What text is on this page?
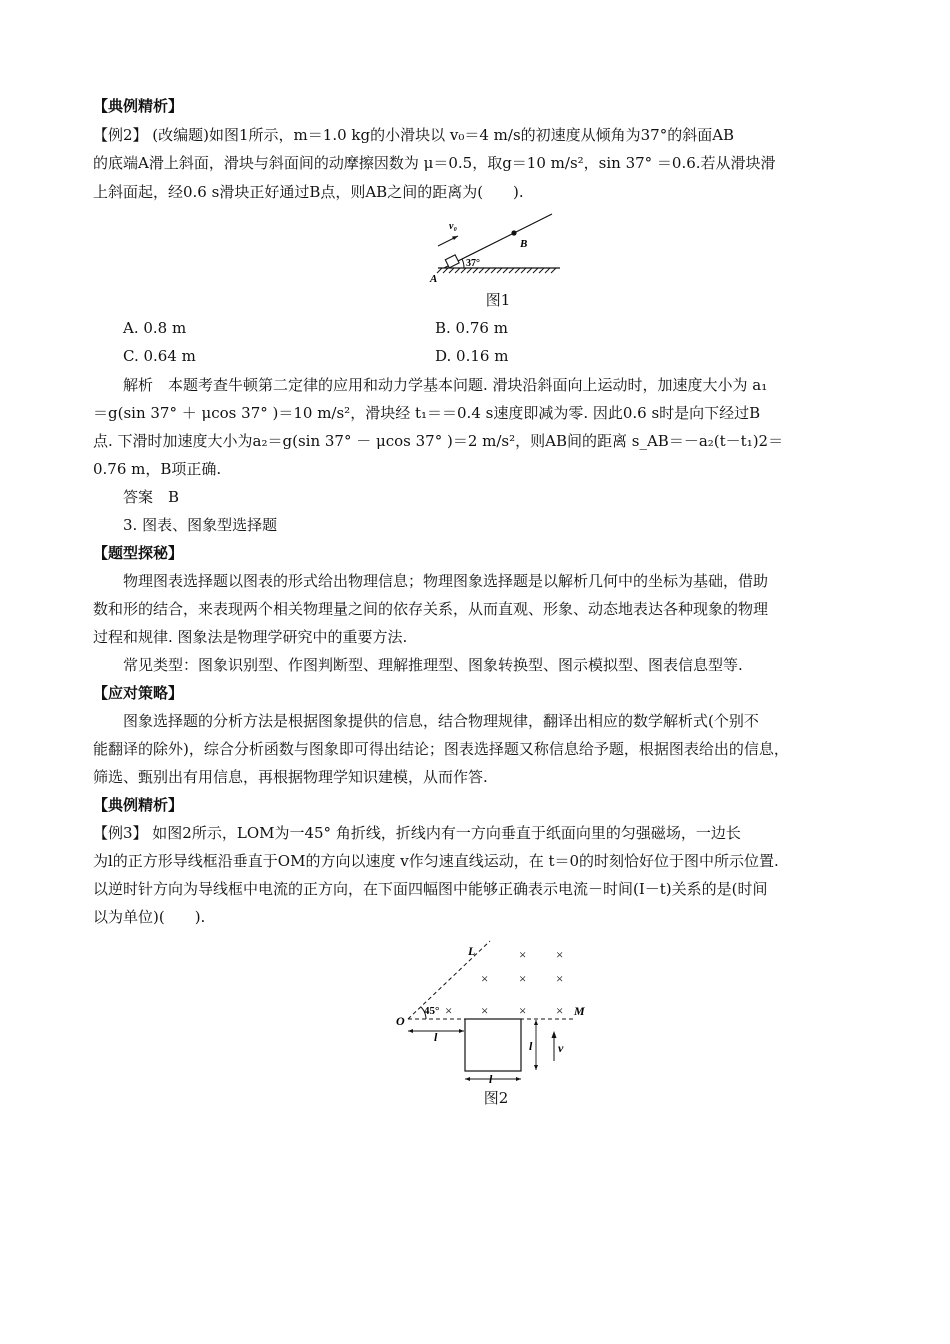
【典例精析】
【例2】 (改编题)如图1所示，m＝1.0 kg的小滑块以 v₀＝4 m/s的初速度从倾角为37°的斜面AB
的底端A滑上斜面，滑块与斜面间的动摩擦因数为 μ＝0.5，取g＝10 m/s²，sin 37° ＝0.6.若从滑块滑
上斜面起，经0.6 s滑块正好通过B点，则AB之间的距离为(　　).
v₀
B
A
37°
图1
A. 0.8 m	B. 0.76 m
C. 0.64 m	D. 0.16 m
解析　本题考查牛顿第二定律的应用和动力学基本问题. 滑块沿斜面向上运动时，加速度大小为 a₁
＝g(sin 37° ＋ μcos 37° )＝10 m/s²，滑块经 t₁＝＝0.4 s速度即减为零. 因此0.6 s时是向下经过B
点. 下滑时加速度大小为a₂＝g(sin 37° － μcos 37° )＝2 m/s²，则AB间的距离 s_AB＝－a₂(t－t₁)2＝
0.76 m，B项正确.
答案　B
3. 图表、图象型选择题
【题型探秘】
物理图表选择题以图表的形式给出物理信息；物理图象选择题是以解析几何中的坐标为基础，借助
数和形的结合，来表现两个相关物理量之间的依存关系，从而直观、形象、动态地表达各种现象的物理
过程和规律. 图象法是物理学研究中的重要方法.
常见类型：图象识别型、作图判断型、理解推理型、图象转换型、图示模拟型、图表信息型等.
【应对策略】
图象选择题的分析方法是根据图象提供的信息，结合物理规律，翻译出相应的数学解析式(个别不
能翻译的除外)，综合分析函数与图象即可得出结论；图表选择题又称信息给予题，根据图表给出的信息，
筛选、甄别出有用信息，再根据物理学知识建模，从而作答.
【典例精析】
【例3】 如图2所示，LOM为一45° 角折线，折线内有一方向垂直于纸面向里的匀强磁场，一边长
为l的正方形导线框沿垂直于OM的方向以速度 v作匀速直线运动，在 t＝0的时刻恰好位于图中所示位置.
以逆时针方向为导线框中电流的正方向，在下面四幅图中能够正确表示电流－时间(I－t)关系的是(时间
以为单位)(　　).
× ×
× × ×
× × × ×
L
O
M
45°
l
l v
l
图2
